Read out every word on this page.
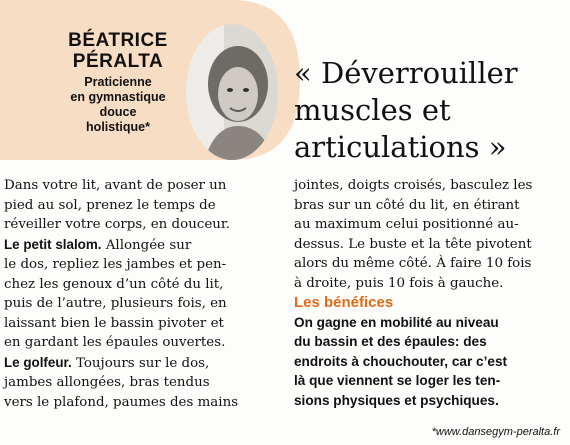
BÉATRICE
PÉRALTA
Praticienne
en gymnastique
douce
holistique*
« Déverrouiller
muscles et
articulations »
Dans votre lit, avant de poser un
pied au sol, prenez le temps de
réveiller votre corps, en douceur.
Le petit slalom. Allongée sur
le dos, repliez les jambes et pen-
chez les genoux d’un côté du lit,
puis de l’autre, plusieurs fois, en
laissant bien le bassin pivoter et
en gardant les épaules ouvertes.
Le golfeur. Toujours sur le dos,
jambes allongées, bras tendus
vers le plafond, paumes des mains
jointes, doigts croisés, basculez les
bras sur un côté du lit, en étirant
au maximum celui positionné au-
dessus. Le buste et la tête pivotent
alors du même côté. À faire 10 fois
à droite, puis 10 fois à gauche.
Les bénéfices
On gagne en mobilité au niveau
du bassin et des épaules: des
endroits à chouchouter, car c’est
là que viennent se loger les ten-
sions physiques et psychiques.
*www.dansegym-peralta.fr
